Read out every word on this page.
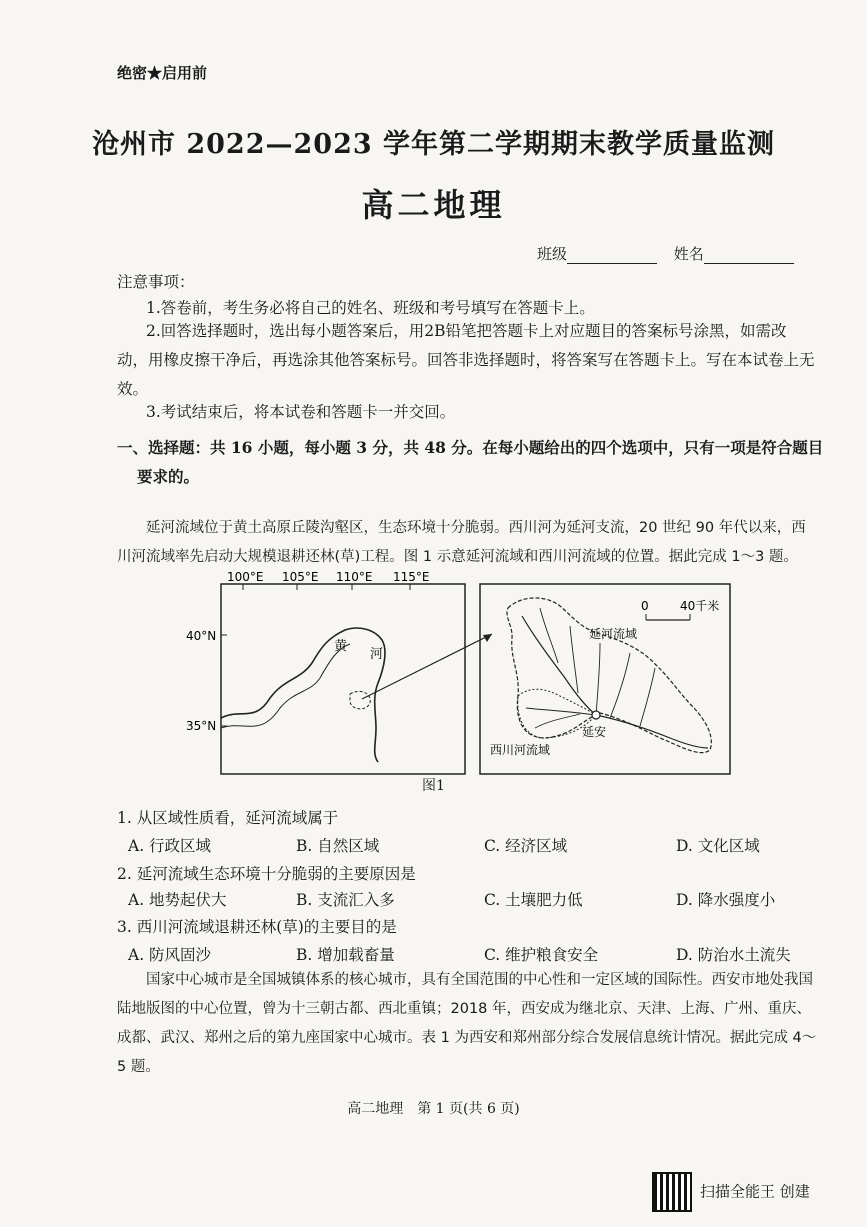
绝密★启用前
沧州市 2022—2023 学年第二学期期末教学质量监测
高二地理
班级	姓名
注意事项：
1.答卷前，考生务必将自己的姓名、班级和考号填写在答题卡上。
2.回答选择题时，选出每小题答案后，用2B铅笔把答题卡上对应题目的答案标号涂黑，如需改动，用橡皮擦干净后，再选涂其他答案标号。回答非选择题时，将答案写在答题卡上。写在本试卷上无效。
3.考试结束后，将本试卷和答题卡一并交回。
一、选择题：共 16 小题，每小题 3 分，共 48 分。在每小题给出的四个选项中，只有一项是符合题目要求的。
延河流域位于黄土高原丘陵沟壑区，生态环境十分脆弱。西川河为延河支流，20 世纪 90 年代以来，西川河流域率先启动大规模退耕还林(草)工程。图 1 示意延河流域和西川河流域的位置。据此完成 1～3 题。
100°E 105°E 110°E 115°E
40°N
35°N
黄
河
0	40千米
延安
延河流域
西川河流域
图1
1. 从区域性质看，延河流域属于
A. 行政区域	B. 自然区域	C. 经济区域	D. 文化区域
2. 延河流域生态环境十分脆弱的主要原因是
A. 地势起伏大	B. 支流汇入多	C. 土壤肥力低	D. 降水强度小
3. 西川河流域退耕还林(草)的主要目的是
A. 防风固沙	B. 增加载畜量	C. 维护粮食安全	D. 防治水土流失
国家中心城市是全国城镇体系的核心城市，具有全国范围的中心性和一定区域的国际性。西安市地处我国陆地版图的中心位置，曾为十三朝古都、西北重镇；2018 年，西安成为继北京、天津、上海、广州、重庆、成都、武汉、郑州之后的第九座国家中心城市。表 1 为西安和郑州部分综合发展信息统计情况。据此完成 4～5 题。
高二地理　第 1 页(共 6 页)
扫描全能王 创建
